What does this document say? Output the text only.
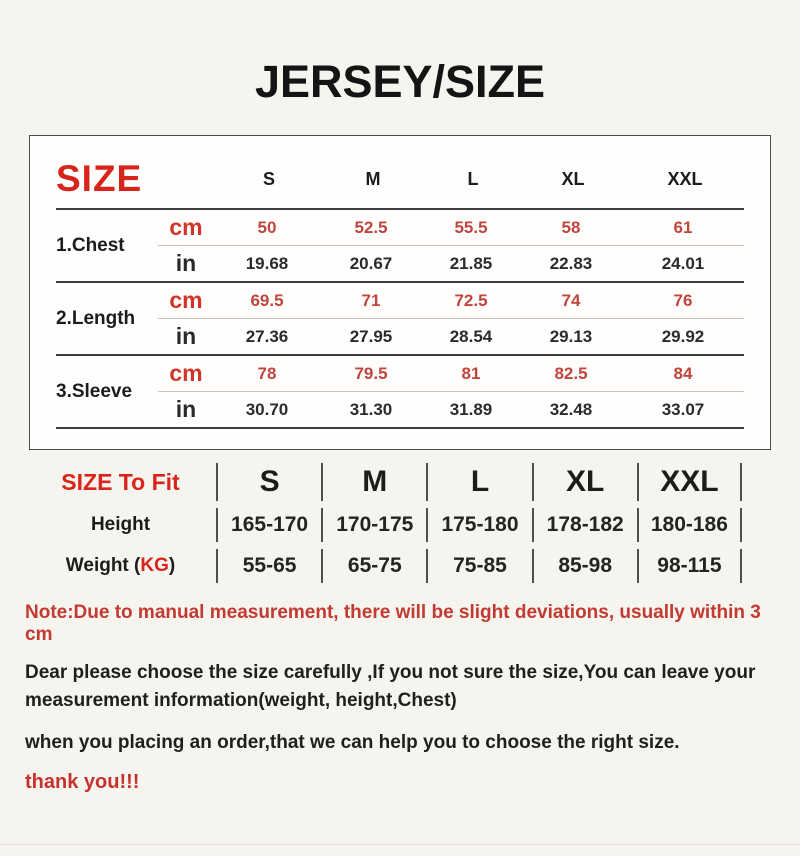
JERSEY/SIZE
SIZE	S	M	L	XL	XXL
1.Chest
cm	50	52.5	55.5	58	61
in	19.68	20.67	21.85	22.83	24.01
2.Length
cm	69.5	71	72.5	74	76
in	27.36	27.95	28.54	29.13	29.92
3.Sleeve
cm	78	79.5	81	82.5	84
in	30.70	31.30	31.89	32.48	33.07
SIZE To Fit	S	M	L	XL	XXL
Height	165-170	170-175	175-180	178-182	180-186
Weight ( KG )	55-65	65-75	75-85	85-98	98-115
Note:Due to manual measurement, there will be slight deviations, usually within 3 cm
Dear please choose the size carefully ,If you not sure the size,You can leave your
measurement information(weight, height,Chest)
when you placing an order,that we can help you to choose the right size.
thank you!!!
